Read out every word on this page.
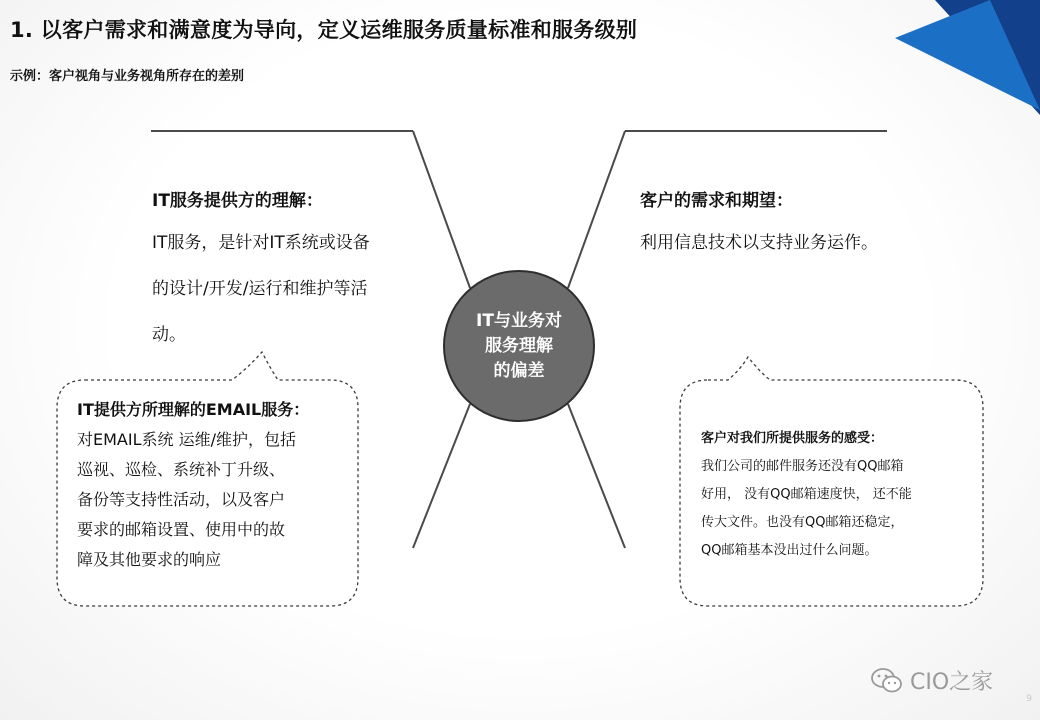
1. 以客户需求和满意度为导向，定义运维服务质量标准和服务级别
示例：客户视角与业务视角所存在的差别
IT服务提供方的理解：
IT服务，是针对IT系统或设备
的设计/开发/运行和维护等活
动。
客户的需求和期望：
利用信息技术以支持业务运作。
IT与业务对
服务理解
的偏差
IT提供方所理解的EMAIL服务：
对EMAIL系统 运维/维护，包括
巡视、巡检、系统补丁升级、
备份等支持性活动，以及客户
要求的邮箱设置、使用中的故
障及其他要求的响应
客户对我们所提供服务的感受：
我们公司的邮件服务还没有QQ邮箱
好用， 没有QQ邮箱速度快， 还不能
传大文件。也没有QQ邮箱还稳定，
QQ邮箱基本没出过什么问题。
CIO之家
9
